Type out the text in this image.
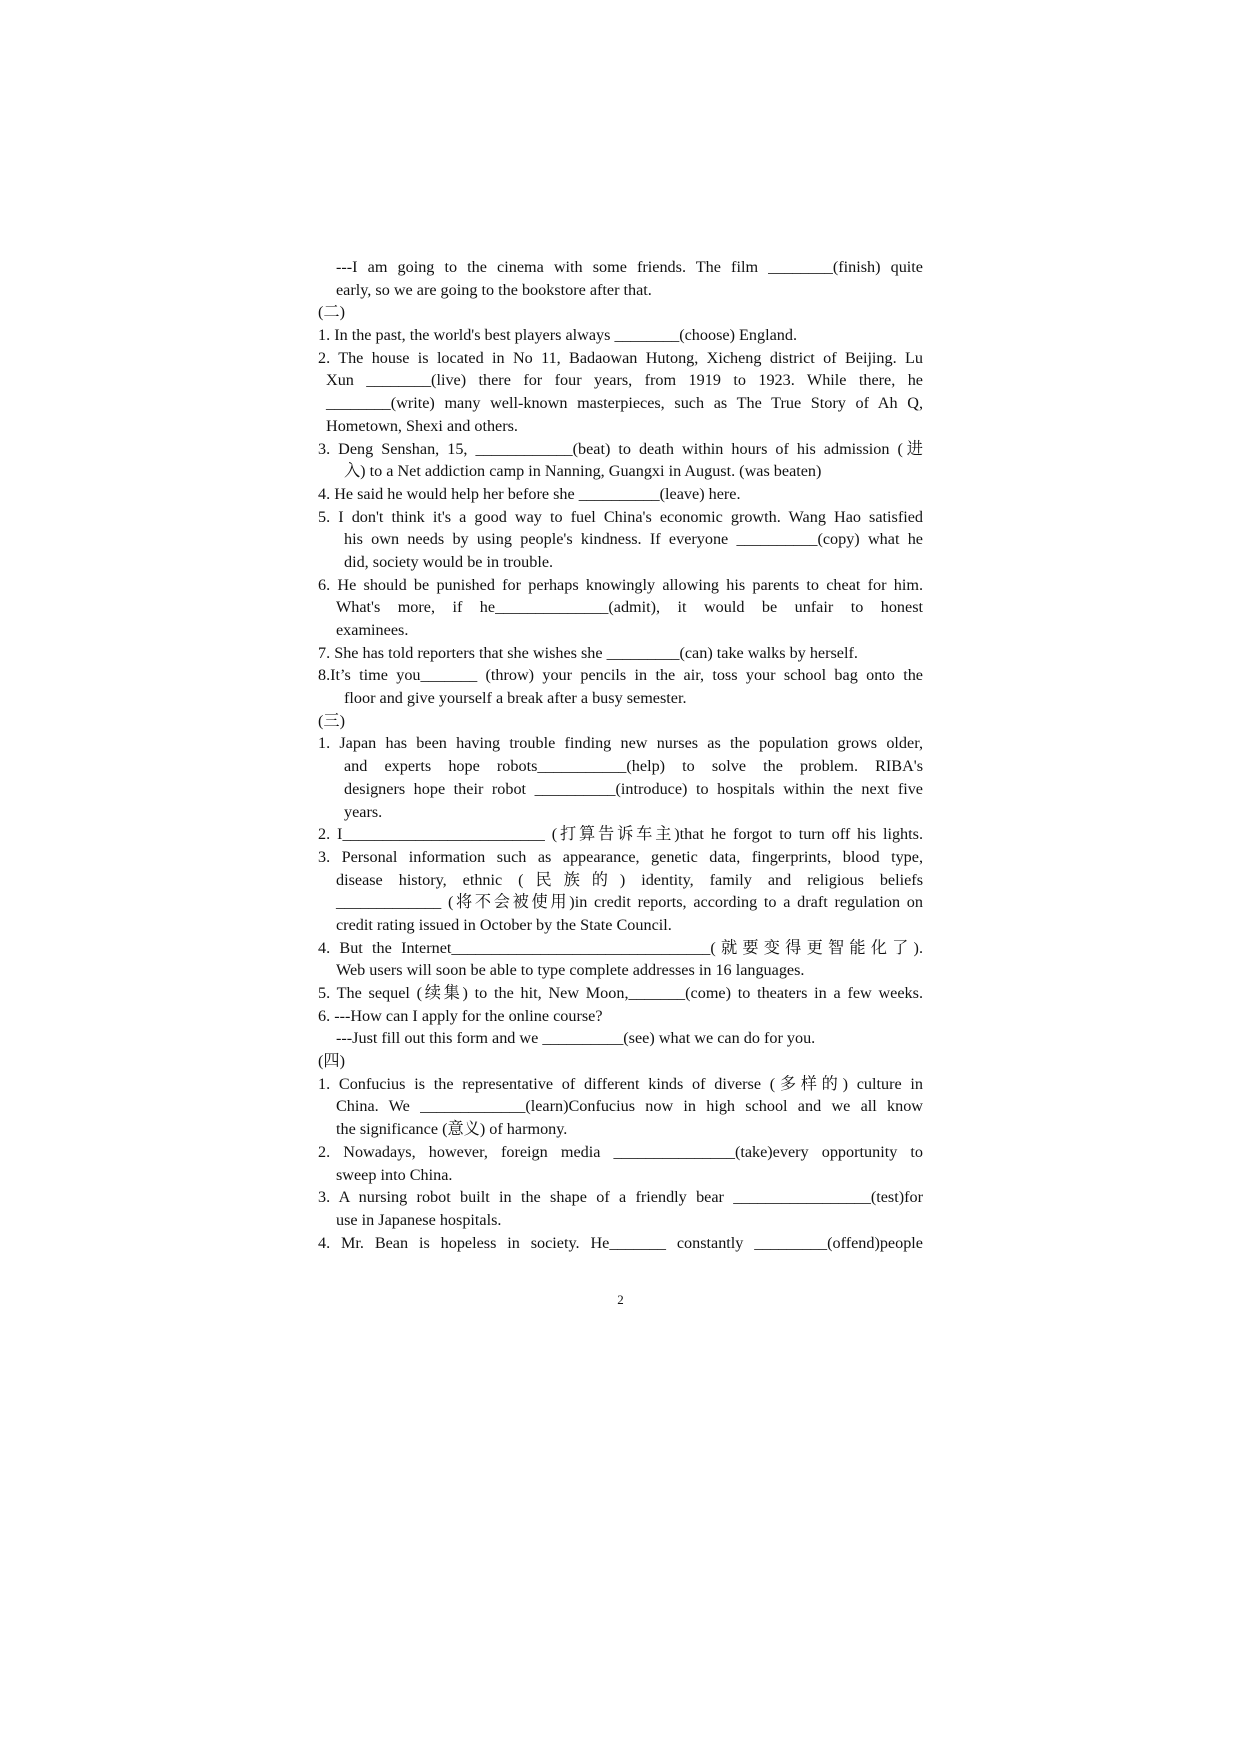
---I am going to the cinema with some friends. The film ________(finish) quite
early, so we are going to the bookstore after that.
(二)
1. In the past, the world's best players always ________(choose) England.
2. The house is located in No 11, Badaowan Hutong, Xicheng district of Beijing. Lu
Xun ________(live) there for four years, from 1919 to 1923. While there, he
________(write) many well-known masterpieces, such as The True Story of Ah Q,
Hometown, Shexi and others.
3. Deng Senshan, 15, ____________(beat) to death within hours of his admission (进
入) to a Net addiction camp in Nanning, Guangxi in August. (was beaten)
4. He said he would help her before she __________(leave) here.
5. I don't think it's a good way to fuel China's economic growth. Wang Hao satisfied
his own needs by using people's kindness. If everyone __________(copy) what he
did, society would be in trouble.
6. He should be punished for perhaps knowingly allowing his parents to cheat for him.
What's more, if he______________(admit), it would be unfair to honest
examinees.
7. She has told reporters that she wishes she _________(can) take walks by herself.
8.It’s time you_______ (throw) your pencils in the air, toss your school bag onto the
floor and give yourself a break after a busy semester.
(三)
1. Japan has been having trouble finding new nurses as the population grows older,
and experts hope robots___________(help) to solve the problem. RIBA's
designers hope their robot __________(introduce) to hospitals within the next five
years.
2. I_________________________ (打算告诉车主)that he forgot to turn off his lights.
3. Personal information such as appearance, genetic data, fingerprints, blood type,
disease history, ethnic (民族的) identity, family and religious beliefs
_____________ (将不会被使用)in credit reports, according to a draft regulation on
credit rating issued in October by the State Council.
4. But the Internet________________________________(就要变得更智能化了).
Web users will soon be able to type complete addresses in 16 languages.
5. The sequel (续集) to the hit, New Moon,_______(come) to theaters in a few weeks.
6. ---How can I apply for the online course?
---Just fill out this form and we __________(see) what we can do for you.
(四)
1. Confucius is the representative of different kinds of diverse (多样的) culture in
China. We _____________(learn)Confucius now in high school and we all know
the significance (意义) of harmony.
2. Nowadays, however, foreign media _______________(take)every opportunity to
sweep into China.
3. A nursing robot built in the shape of a friendly bear _________________(test)for
use in Japanese hospitals.
4. Mr. Bean is hopeless in society. He_______ constantly _________(offend)people
2
